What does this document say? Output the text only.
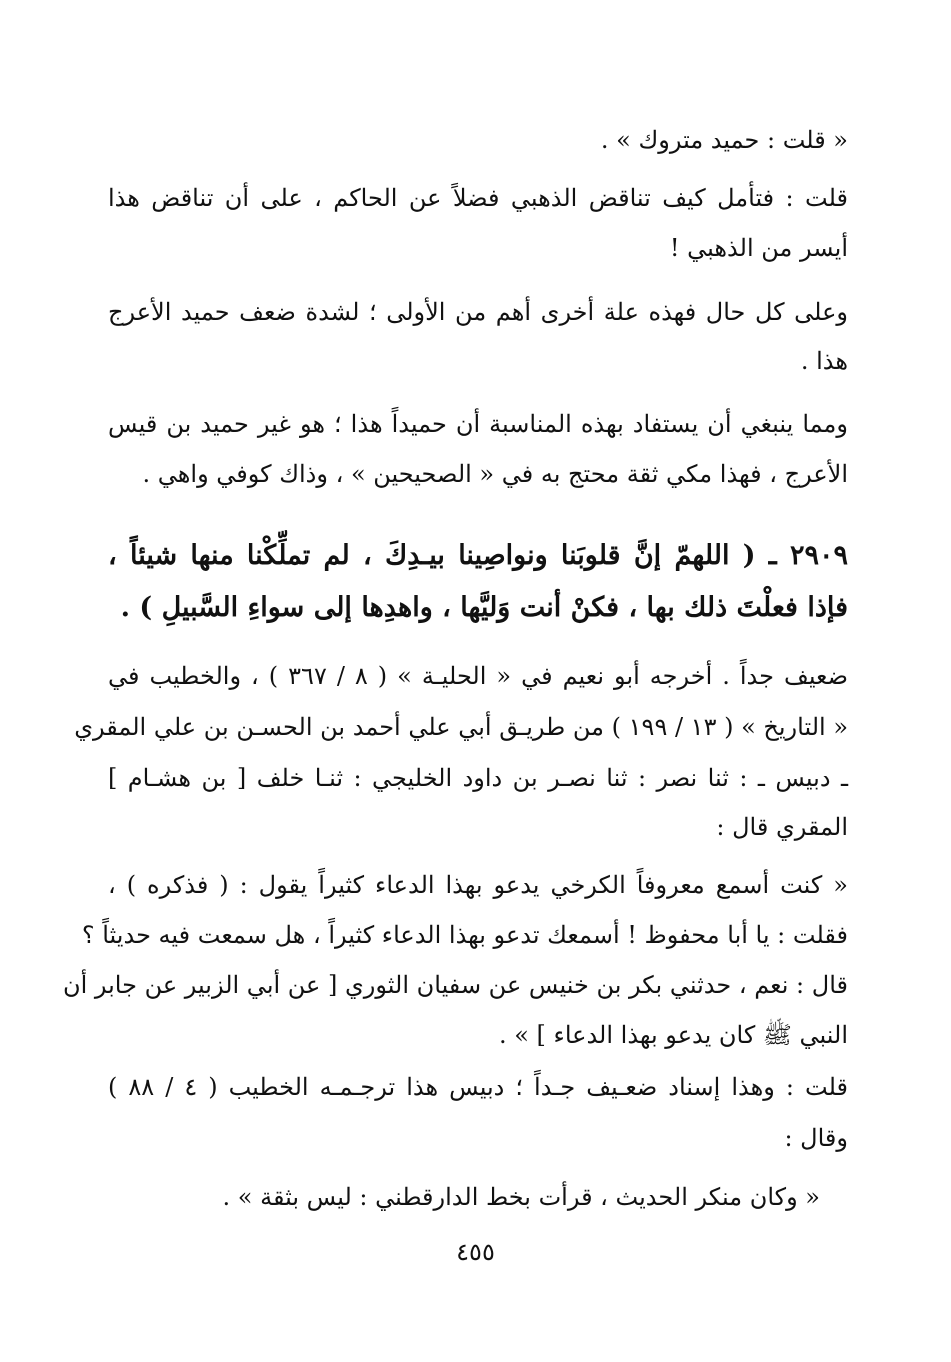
« قلت : حميد متروك » .
قلت : فتأمل كيف تناقض الذهبي فضلاً عن الحاكم ، على أن تناقض هذا
أيسر من الذهبي !
وعلى كل حال فهذه علة أخرى أهم من الأولى ؛ لشدة ضعف حميد الأعرج
هذا .
ومما ينبغي أن يستفاد بهذه المناسبة أن حميداً هذا ؛ هو غير حميد بن قيس
الأعرج ، فهذا مكي ثقة محتج به في « الصحيحين » ، وذاك كوفي واهي .
٢٩٠٩ ـ ( اللهمّ إنَّ قلوبَنا ونواصِينا بيـدِكَ ، لم تملِّكْنا منها شيئاً ،
فإذا فعلْتَ ذلك بها ، فكنْ أنت وَليَّها ، واهدِها إلى سواءِ السَّبيلِ ) .
ضعيف جداً . أخرجه أبو نعيم في « الحليـة » ( ٨ / ٣٦٧ ) ، والخطيب في
« التاريخ » ( ١٣ / ١٩٩ ) من طريـق أبي علي أحمد بن الحسـن بن علي المقري
ـ دبيس ـ : ثنا نصر : ثنا نصـر بن داود الخليجي : ثنـا خلف [ بن هشـام ]
المقري قال :
« كنت أسمع معروفاً الكرخي يدعو بهذا الدعاء كثيراً يقول : ( فذكره ) ،
فقلت : يا أبا محفوظ ! أسمعك تدعو بهذا الدعاء كثيراً ، هل سمعت فيه حديثاً ؟
قال : نعم ، حدثني بكر بن خنيس عن سفيان الثوري [ عن أبي الزبير عن جابر أن
النبي ﷺ كان يدعو بهذا الدعاء ] » .
قلت : وهذا إسناد ضعـيف جـداً ؛ دبيس هذا ترجـمـه الخطيب ( ٤ / ٨٨ )
وقال :
« وكان منكر الحديث ، قرأت بخط الدارقطني : ليس بثقة » .
٤٥٥
